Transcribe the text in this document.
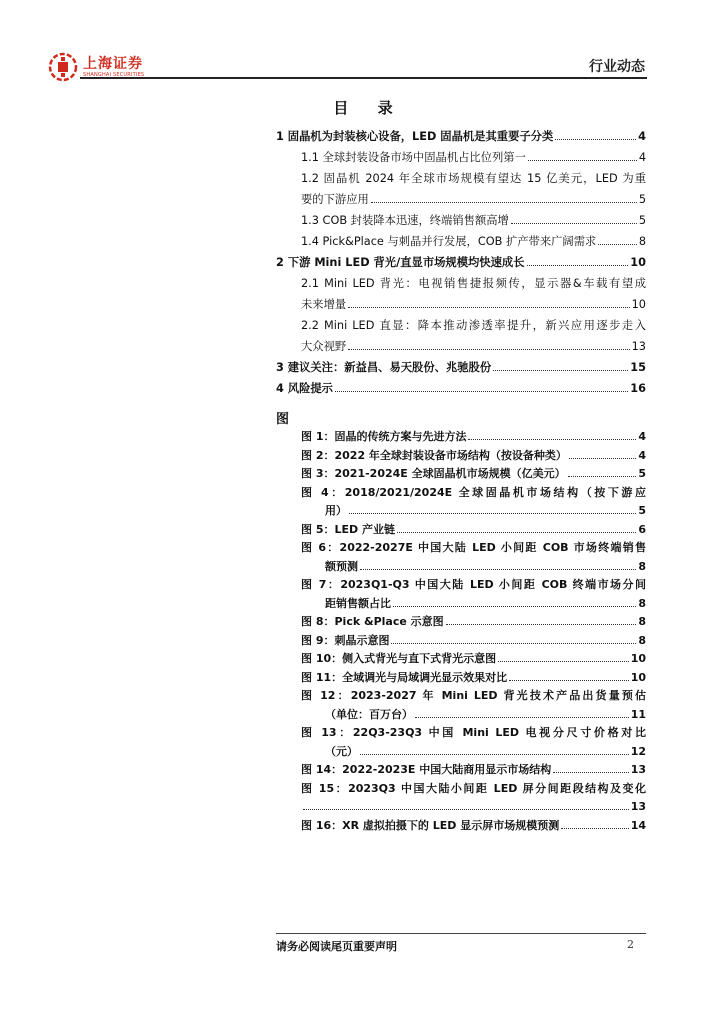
上海证券
SHANGHAI SECURITIES	行业动态
目 录
1 固晶机为封装核心设备，LED 固晶机是其重要子分类	4
1.1 全球封装设备市场中固晶机占比位列第一	4
1.2 固晶机 2024 年全球市场规模有望达 15 亿美元，LED 为重
要的下游应用	5
1.3 COB 封装降本迅速，终端销售额高增	5
1.4 Pick&Place 与刺晶并行发展，COB 扩产带来广阔需求	8
2 下游 Mini LED 背光/直显市场规模均快速成长	10
2.1 Mini LED 背光：电视销售捷报频传，显示器&车载有望成
未来增量	10
2.2 Mini LED 直显：降本推动渗透率提升，新兴应用逐步走入
大众视野	13
3 建议关注：新益昌、易天股份、兆驰股份	15
4 风险提示	16
图
图 1：固晶的传统方案与先进方法	4
图 2：2022 年全球封装设备市场结构（按设备种类）	4
图 3：2021-2024E 全球固晶机市场规模（亿美元）	5
图 4：2018/2021/2024E 全球固晶机市场结构（按下游应
用）	5
图 5：LED 产业链	6
图 6：2022-2027E 中国大陆 LED 小间距 COB 市场终端销售
额预测	8
图 7：2023Q1-Q3 中国大陆 LED 小间距 COB 终端市场分间
距销售额占比	8
图 8：Pick &Place 示意图	8
图 9：刺晶示意图	8
图 10：侧入式背光与直下式背光示意图	10
图 11：全域调光与局域调光显示效果对比	10
图 12：2023-2027 年 Mini LED 背光技术产品出货量预估
（单位：百万台）	11
图 13：22Q3-23Q3 中国 Mini LED 电视分尺寸价格对比
（元）	12
图 14：2022-2023E 中国大陆商用显示市场结构	13
图 15：2023Q3 中国大陆小间距 LED 屏分间距段结构及变化
13
图 16：XR 虚拟拍摄下的 LED 显示屏市场规模预测	14
请务必阅读尾页重要声明	2
